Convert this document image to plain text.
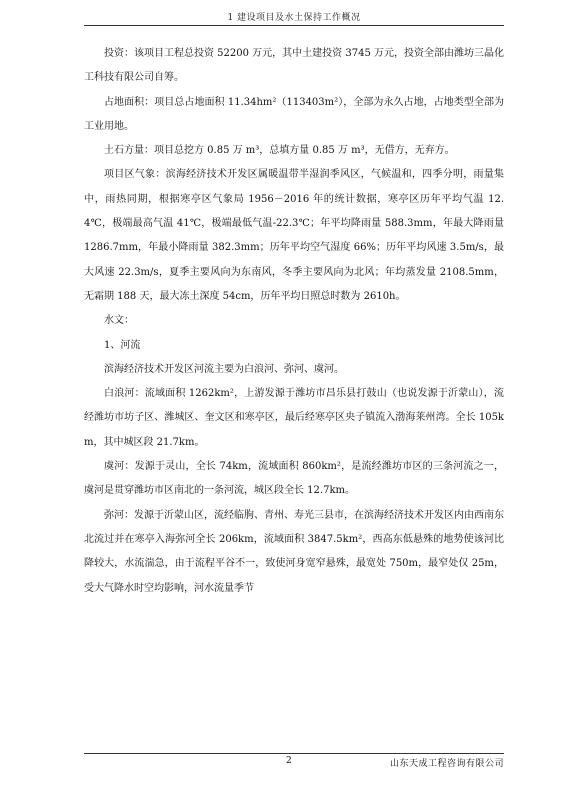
1 建设项目及水土保持工作概况

投资：该项目工程总投资 52200 万元，其中土建投资 3745 万元，投资全部由潍坊三晶化工科技有限公司自筹。

占地面积：项目总占地面积 11.34hm²（113403m²），全部为永久占地，占地类型全部为工业用地。

土石方量：项目总挖方 0.85 万 m³，总填方量 0.85 万 m³，无借方，无弃方。

项目区气象：滨海经济技术开发区属暖温带半湿润季风区，气候温和，四季分明，雨量集中，雨热同期，根据寒亭区气象局 1956－2016 年的统计数据，寒亭区历年平均气温 12.4℃，极端最高气温 41℃，极端最低气温-22.3℃；年平均降雨量 588.3mm，年最大降雨量 1286.7mm，年最小降雨量 382.3mm；历年平均空气湿度 66%；历年平均风速 3.5m/s，最大风速 22.3m/s，夏季主要风向为东南风，冬季主要风向为北风；年均蒸发量 2108.5mm，无霜期 188 天，最大冻土深度 54cm，历年平均日照总时数为 2610h。

水文：

1、河流

滨海经济技术开发区河流主要为白浪河、弥河、虞河。

白浪河：流域面积 1262km²，上游发源于潍坊市昌乐县打鼓山（也说发源于沂蒙山），流经潍坊市坊子区、潍城区、奎文区和寒亭区，最后经寒亭区央子镇流入渤海莱州湾。全长 105km，其中城区段 21.7km。

虞河：发源于灵山，全长 74km，流域面积 860km²，是流经潍坊市区的三条河流之一，虞河是贯穿潍坊市区南北的一条河流，城区段全长 12.7km。

弥河：发源于沂蒙山区，流经临朐、青州、寿光三县市，在滨海经济技术开发区内由西南东北流过并在寒亭入海弥河全长 206km，流域面积 3847.5km²，西高东低悬殊的地势使该河比降较大，水流湍急，由于流程平谷不一，致使河身宽窄悬殊，最宽处 750m，最窄处仅 25m，受大气降水时空均影响，河水流量季节

2	山东天成工程咨询有限公司
